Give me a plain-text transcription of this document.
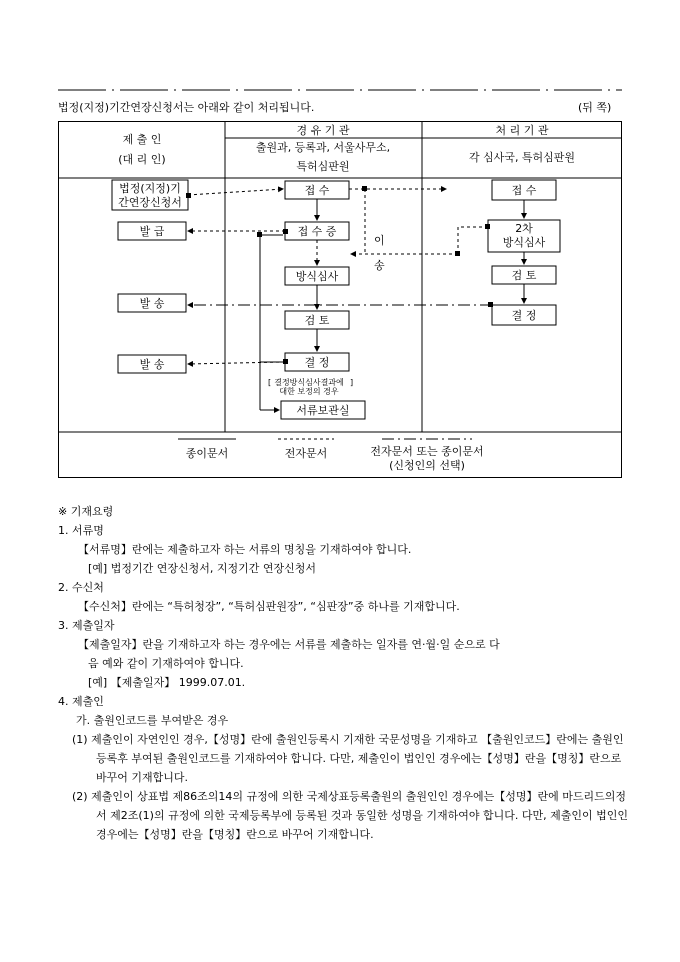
법정(지정)기간연장신청서는 아래와 같이 처리됩니다.	(뒤 쪽)
제 출 인
(대 리 인)
경 유 기 관
출원과, 등록과, 서울사무소,
특허심판원
처 리 기 관
각 심사국, 특허심판원
법정(지정)기
간연장신청서
발 급
발 송
발 송
접 수
접 수 증
방식심사
검 토
결 정
[	]
결정방식심사결과에
대한 보정의 경우
서류보관실
이
송
접 수
2차
방식심사
검 토
결 정
종이문서	전자문서	전자문서 또는 종이문서
(신청인의 선택)

※ 기재요령

1. 서류명

【서류명】란에는 제출하고자 하는 서류의 명칭을 기재하여야 합니다.

[예] 법정기간 연장신청서, 지정기간 연장신청서

2. 수신처

【수신처】란에는 “특허청장”, “특허심판원장”, “심판장”중 하나를 기재합니다.

3. 제출일자

【제출일자】란을 기재하고자 하는 경우에는 서류를 제출하는 일자를 연·월·일 순으로 다

음 예와 같이 기재하여야 합니다.

[예] 【제출일자】 1999.07.01.

4. 제출인

가. 출원인코드를 부여받은 경우

(1) 제출인이 자연인인 경우,【성명】란에 출원인등록시 기재한 국문성명을 기재하고 【출원인코드】란에는 출원인등록후 부여된 출원인코드를 기재하여야 합니다. 다만, 제출인이 법인인 경우에는【성명】란을【명칭】란으로 바꾸어 기재합니다.

(2) 제출인이 상표법 제86조의14의 규정에 의한 국제상표등록출원의 출원인인 경우에는【성명】란에 마드리드의정서 제2조(1)의 규정에 의한 국제등록부에 등록된 것과 동일한 성명을 기재하여야 합니다. 다만, 제출인이 법인인 경우에는【성명】란을【명칭】란으로 바꾸어 기재합니다.
